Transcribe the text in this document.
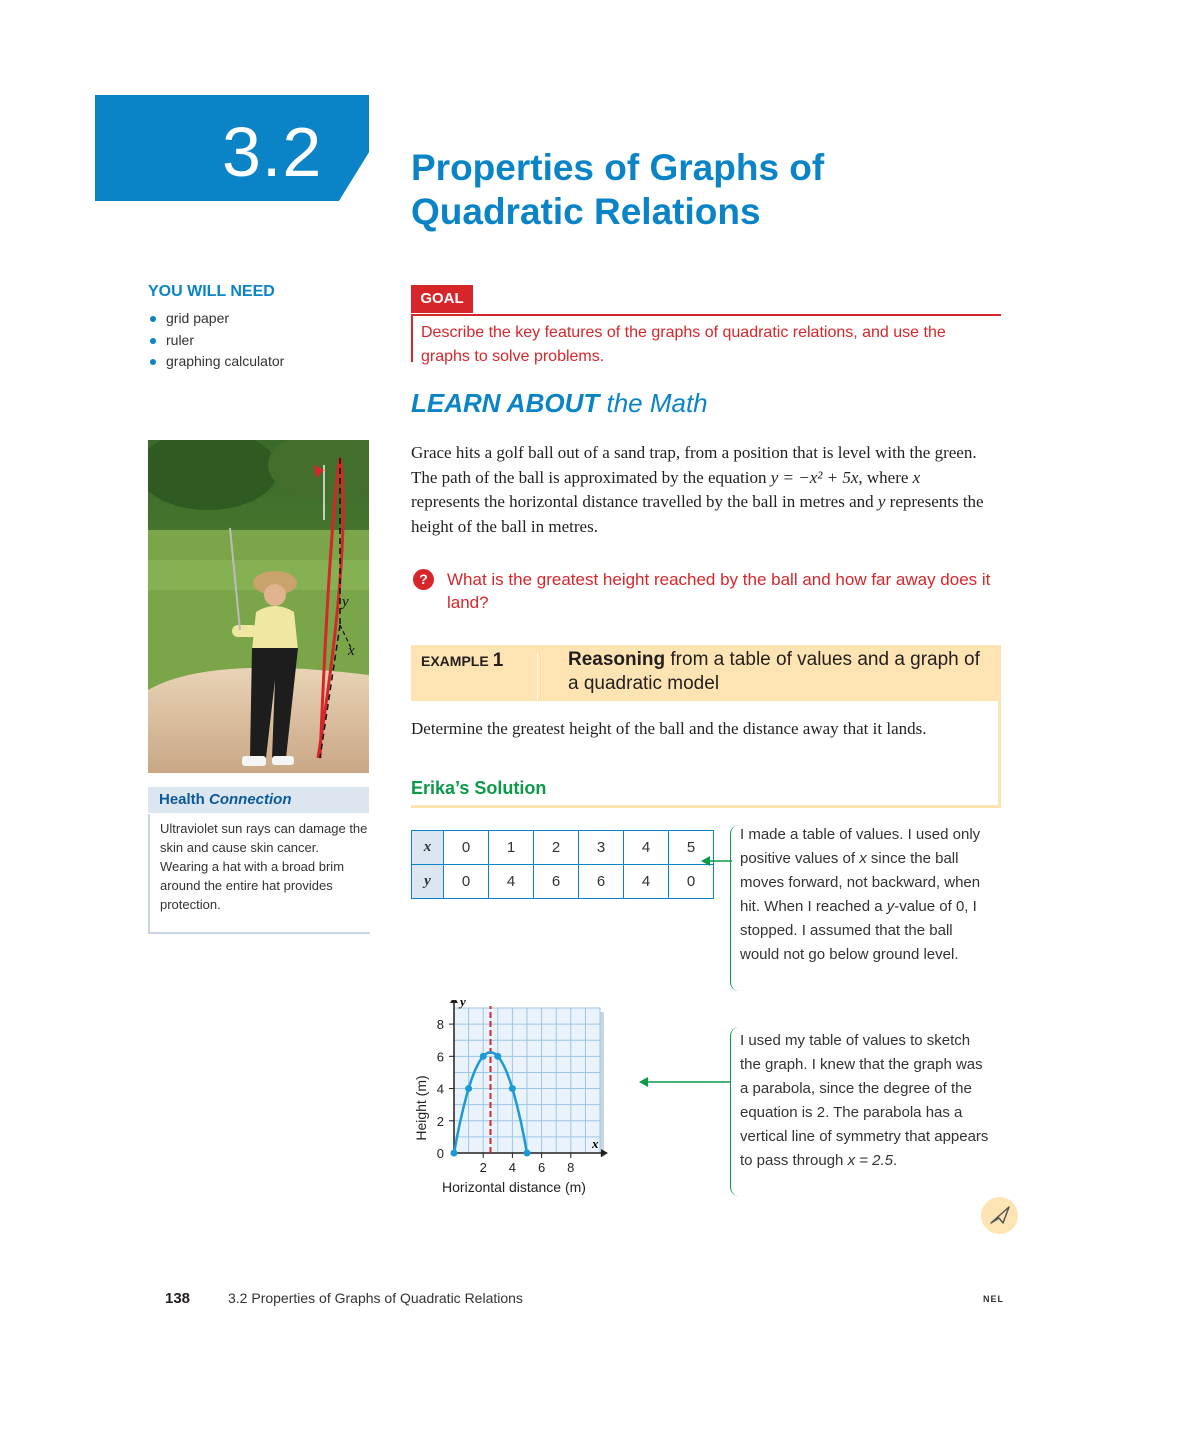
3.2 Properties of Graphs of
Quadratic Relations
YOU WILL NEED
grid paper
ruler
graphing calculator
y
x
Health Connection
Ultraviolet sun rays can damage the skin and cause skin cancer. Wearing a hat with a broad brim around the entire hat provides protection.
GOAL
Describe the key features of the graphs of quadratic relations, and use the graphs to solve problems.
LEARN ABOUT the Math
Grace hits a golf ball out of a sand trap, from a position that is level with the green. The path of the ball is approximated by the equation y = −x² + 5x, where x represents the horizontal distance travelled by the ball in metres and y represents the height of the ball in metres.
?	What is the greatest height reached by the ball and how far away does it land?
EXAMPLE 1	Reasoning from a table of values and a graph of a quadratic model
Determine the greatest height of the ball and the distance away that it lands.
Erika’s Solution
x	0	1	2	3	4	5
y	0	4	6	6	4	0
I made a table of values. I used only positive values of x since the ball moves forward, not backward, when hit. When I reached a y-value of 0, I stopped. I assumed that the ball would not go below ground level.
I used my table of values to sketch the graph. I knew that the graph was a parabola, since the degree of the equation is 2. The parabola has a vertical line of symmetry that appears to pass through x = 2.5.
x
y
2 4 6 8
0
2
4
6
8
Horizontal distance (m)
Height (m)
138	3.2 Properties of Graphs of Quadratic Relations	NEL
